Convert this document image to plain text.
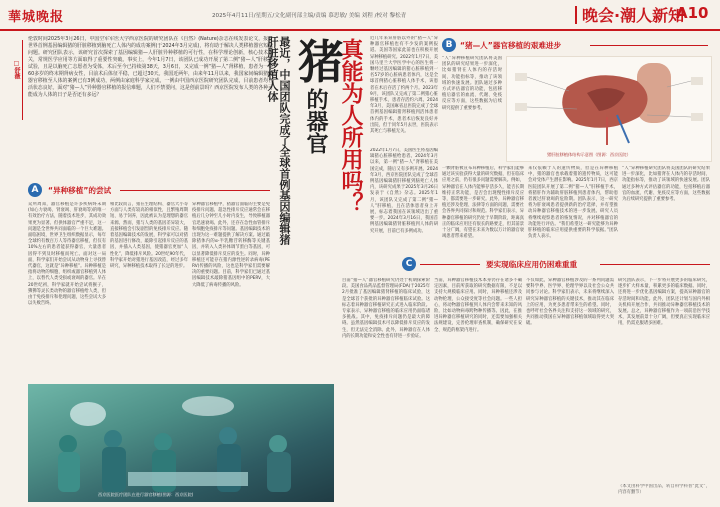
華城晚报	2025年4月11日/星期五/文化副刊部主编/责编 慕思敏/ 美编 刘程 /校对 黎松青	晚会·潮人新知
A10
□舒薇
伦敦时间2025年3月26日，中国空军军医大学西京医院的研究团队在《自然》(Nature)杂志在线发表论文，报告世界首例基因编辑猪的肝脏移植到脑死亡人体内的成功案例(于2024年3月完成)，将有助于解决人类移植器官短缺问题。研究团队表示，该研究首次探索了基因编辑猪—人肝脏异种移植的可行性，在科学理论创新，核心技术攻关，常规医学应用等方面取得了重要性突破。事实上，今年1月7日，该团队已成功开展了第二例“猪—人”肝移植试验，且是以脑死亡志愿者为受体，术后至今已持续第38天，3月6日，又完成一例“猪—人”肾移植，患者为一位60多岁的终末期肾病女性，目前术后体征平稳，已超过30天。我国近两年，由来年11月以来，我国家间编辑猪的器官移植至人体的案例已有3例成功，两例由家庭科学家完成，一例由中国西京医院研究团队完成，目前患者均存活状态良好。面对“猪—人”异种器官移植的报信难题，人们不禁要问，这是创前景吗？西京医院发布人类的各种可能成为人体的日子是否还有多远？	最近，中国团队完成了全球首例基因编辑猪肝脏移植人体 猪
的器官 真能为人所用吗？
A	“异种移植”的尝试
众所周知，器官移植是许多疾病终末期(如心力衰竭、肾衰竭、肝衰竭等)的唯一有效治疗方法，随着技术进步，其成功效果更为显著。但供体器官严重不足，这一问题是全世界共同面临的一个巨大难题。面临困境，世界卫生组织数据显示，每年全球约有数百万人等待器官移植，但仅有10%左右的患者能获得器官，大量患者因得不到及时移植而死亡。面对这一局面，科学家们开始尝试从动物身上寻找替代器官，这就是“异种移植”。异种移植是指将动物的细胞、组织或器官移植到人体上，以替代人类受损或衰竭的器官。早在20世纪初，科学家就开始尝试将猴子、狒狒等灵长类动物的器官移植给人类，但由于免疫排斥和伦理问题，这些尝试大多以失败告终。
相比较而言，猪在生理结构、器官大小等方面与人类有较高的相似性，且繁殖周期短、易于饲养，因此被认为是理想的器官来源。然而，猪与人类的基因差异较大，直接移植会引发剧烈的免疫排斥反应。随着基因编辑技术的发展，科学家可以对猪的基因进行修改，敲除引起排斥反应的基因，并插入人类基因，使猪器官更加“人性化”，降低排斥风险。20世纪90年代，科学家开始对猪进行基因改造，经过多年研究，异种移植技术取得了长足的进步。
异种器官移植中，猪器官面临的主要是免疫排斥问题。超急性排斥反应通常会在移植后几分钟至几小时内发生，导致移植器官迅速衰竭。此外，还存在急性血管排斥和细胞免疫排斥等问题。基因编辑技术的出现为这一难题提供了解决方案。通过敲除猪体内的α-半乳糖苷转移酶等关键基因，并转入人类补体调节蛋白等基因，可以显著降低排斥反应的发生。同时，异种移植还可能存在猪内源性逆转录病毒(PERV)传播的风险，这也是科学家们需要解决的重要问题。目前，科学家们已通过基因编辑技术敲除猪基因组中的PERV，大大降低了病毒传播的风险。
西京医院医疗团队在进行器官移植(图源：西京医院)
近几年来异肝脏以外的“猪—人”异种器官移植也有不少发的案例报道。美国等国家此前也在积极开展异种移植研究。2022年1月7日，美国马里兰大学医学中心的医生将一颗经过基因编辑的猪心脏移植到一名57岁的心脏病患者体内，这是全球首例猪心脏移植人体手术，该患者在术后存活了约两个月。2023年9月，该团队又完成了第二例猪心脏移植手术，患者存活约六周。2024年3月，美国麻省总医院完成了全球首例基因编辑猪肾移植到活体患者体内的手术，患者术后恢复良好并出院，但于同年5月去世，医院表示其死亡与移植无关。
2022年1月7日，美国医生将基因编辑猪心脏移植给患者。2024年3月以来，第一例“猪—人”肾移植在美国完成，随后又有多例开展。2024年3月，西京医院团队完成了全球首例基因编辑猪肝移植到脑死亡人体内，该研究成果于2025年3月26日发表于《自然》杂志。2025年1月，该团队又完成了第二例“猪—人”肝移植，且在活体患者身上开展，标志着我国在该领域迈出了重要一步。2024年3月16日，我国首例基因编辑猪肾脏移植到人体的研究开展，目前已有多例成功。
B “猪—人”器官移植的艰难进步
“人”异种移植研究团队将美国团队的研究结果进一步深化，比如猪肾在人体内的存活时间、功能指标等，推动了该领域的快速发展。团队通过多种方式评估器官的功能，包括移植后器官的血流、代谢、免疫反应等方面，这些数据为后续研究提供了重要参考。
猪肝脏移植体结构示意图（图源：西京医院）
一颗肾脏被宣布异种移植后，科学家们能够通过该实验获得大量的研究数据，但在临床应用之前，仍有很多问题需要解决。例如，异种器官在人体内能够存活多久，能否长期维持正常功能，是否会出现慢性排斥反应等，都需要进一步研究。此外，异种器官移植还涉及伦理、法律等方面的问题，需要社会各界共同探讨和规范。科学家们表示，异种器官移植的研究仍处于早期阶段，距离真正的临床应用还有很长的路要走，但其前景十分广阔，有望在未来为数以万计的器官衰竭患者带来希望。
来仅依赖于人的遗传物质，但是在异种移植中，猪的器官也承载着猪的遗传物质，这可能会对受体产生潜在影响。2025年1月7日，西京医院团队开展了第二例“猪—人”肝移植手术，将猪肝作为辅助肝脏移植到患者体内，帮助患者渡过肝衰竭的危险期。团队表示，这一研究将为肝衰竭患者提供新的治疗选择，并有望推动异种器官移植技术的进一步发展。研究人员将继续观察患者的恢复情况，并对移植器官的功能进行评估。“我们希望这一研究能够为异种肝移植的临床应用提供重要的科学依据。”团队负责人表示。
“人”异种移植研究团队将美国团队的研究结果进一步深化，比如猪肾在人体内的存活时间、功能指标等，推动了该领域的快速发展。团队通过多种方式评估器官的功能，包括移植后器官的血流、代谢、免疫反应等方面，这些数据为后续研究提供了重要参考。
C	要实现临床应用仍困难重重
目前“猪—人”器官移植研究仍处于初期探索阶段。美国食品药品监督管理局(FDA)于2025年2月批准了基因编辑猪肾移植的临床试验，这是全球首个获批的异种器官移植临床试验。这标志着异种器官移植研究正式进入临床阶段。专家表示，异种器官移植的临床应用仍面临诸多挑战。其中，免疫排斥问题仍是最大的障碍。虽然基因编辑技术可以降低排斥反应的发生，但无法完全消除。此外，异种器官在人体内的长期功能和安全性也有待进一步验证。
当前，异种器官移植技术本身仍存在诸多不确定因素，目前所获取的研究数据有限，不足以支持大规模临床应用。同时，异种移植还涉及动物伦理、公众接受度等社会问题。一些人担心，将动物器官移植到人体内会带来未知的风险，比如动物病毒跨物种传播等。因此，在推进异种器官移植研究的同时，还需要加强相关法规建设，完善伦理审查机制，确保研究在安全、规范的框架内进行。
不仅如此，异种器官移植涉及的一系列问题需要科学界、医学界、伦理学界以及社会公众共同参与讨论。科学家们表示，未来将继续深入研究异种器官移植的关键技术，推动其在临床上的应用，为更多患者带来生的希望。同时，也呼吁社会各界关注和支持这一领域的研究，共同推动我国在异种器官移植领域取得更大突破。
研究团队表示，下一步将开展更多的临床研究，逐步扩大样本量，积累更多的临床数据。同时，还将进一步优化基因编辑方案，提高异种器官的存活时间和功能。此外，团队还计划与国内外相关机构开展合作，共同推动异种器官移植技术的发展。总之，异种器官移植作为一项前沿医学技术，其发展前景十分广阔，但要真正实现临床应用，仍需克服诸多困难。
（本文由科学中国出品，转自科学科普“此文”，内容有删节）
